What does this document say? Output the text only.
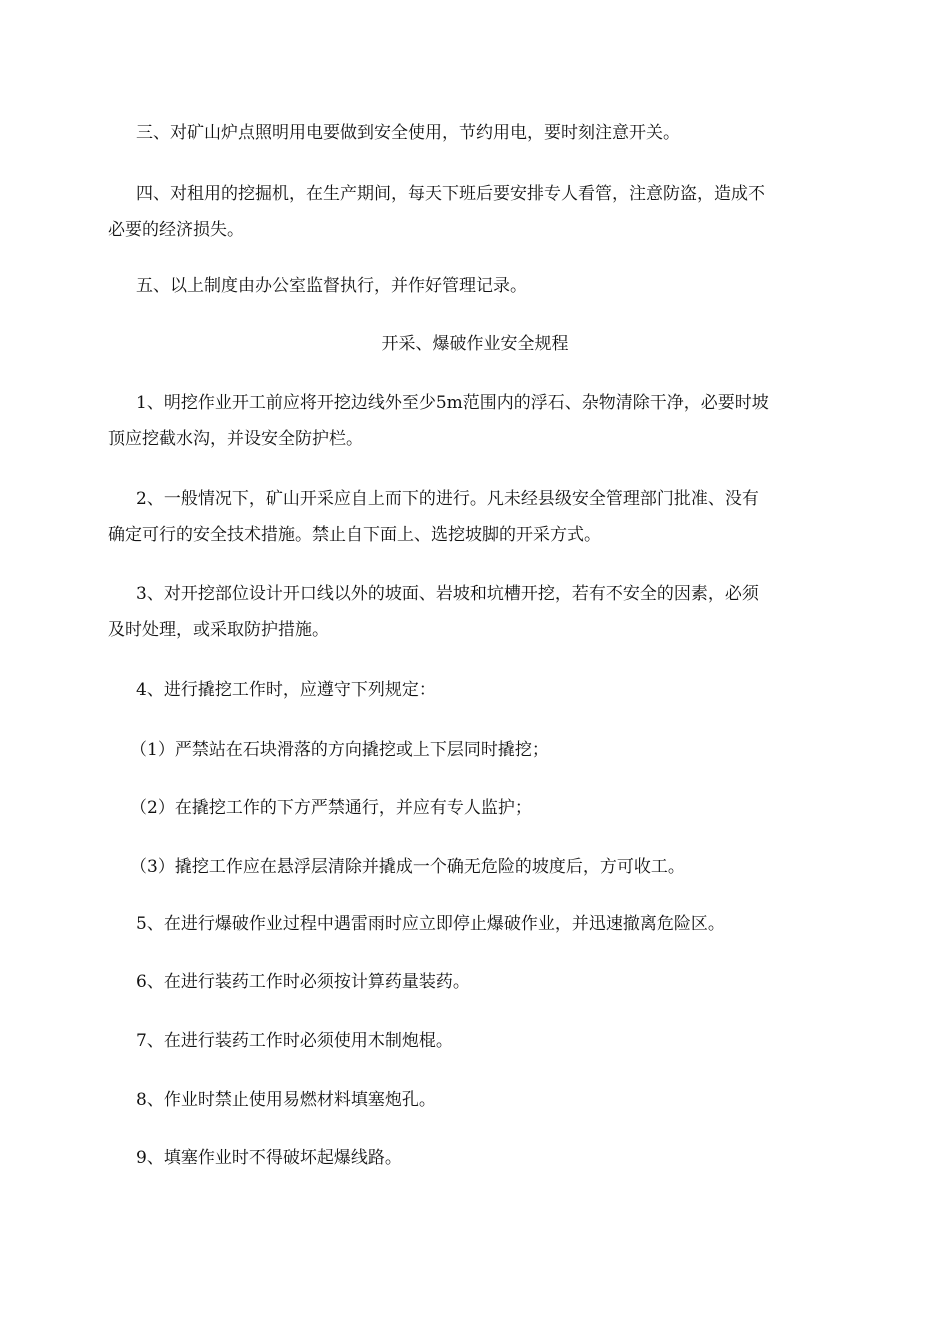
三、对矿山炉点照明用电要做到安全使用，节约用电，要时刻注意开关。

四、对租用的挖掘机，在生产期间，每天下班后要安排专人看管，注意防盗，造成不
必要的经济损失。

五、以上制度由办公室监督执行，并作好管理记录。

开采、爆破作业安全规程

1、明挖作业开工前应将开挖边线外至少5m范围内的浮石、杂物清除干净，必要时坡
顶应挖截水沟，并设安全防护栏。

2、一般情况下，矿山开采应自上而下的进行。凡未经县级安全管理部门批准、没有
确定可行的安全技术措施。禁止自下面上、选挖坡脚的开采方式。

3、对开挖部位设计开口线以外的坡面、岩坡和坑槽开挖，若有不安全的因素，必须
及时处理，或采取防护措施。

4、进行撬挖工作时，应遵守下列规定：

（1）严禁站在石块滑落的方向撬挖或上下层同时撬挖；

（2）在撬挖工作的下方严禁通行，并应有专人监护；

（3）撬挖工作应在悬浮层清除并撬成一个确无危险的坡度后，方可收工。

5、在进行爆破作业过程中遇雷雨时应立即停止爆破作业，并迅速撤离危险区。

6、在进行装药工作时必须按计算药量装药。

7、在进行装药工作时必须使用木制炮棍。

8、作业时禁止使用易燃材料填塞炮孔。

9、填塞作业时不得破坏起爆线路。
